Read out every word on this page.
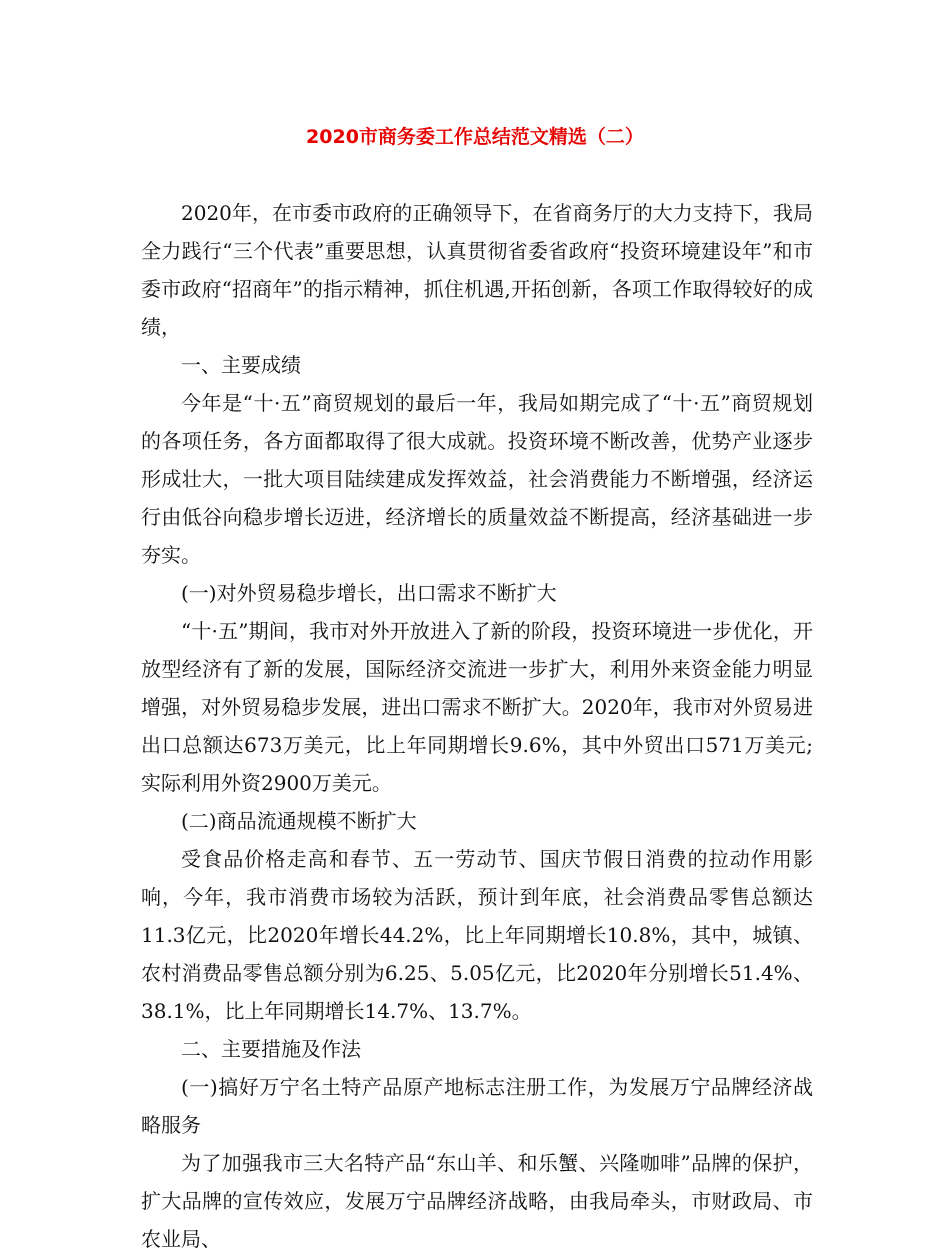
2020市商务委工作总结范文精选（二）

2020年，在市委市政府的正确领导下，在省商务厅的大力支持下，我局全力践行“三个代表”重要思想，认真贯彻省委省政府“投资环境建设年”和市委市政府“招商年”的指示精神，抓住机遇,开拓创新，各项工作取得较好的成绩，

一、主要成绩

今年是“十·五”商贸规划的最后一年，我局如期完成了“十·五”商贸规划的各项任务，各方面都取得了很大成就。投资环境不断改善，优势产业逐步形成壮大，一批大项目陆续建成发挥效益，社会消费能力不断增强，经济运行由低谷向稳步增长迈进，经济增长的质量效益不断提高，经济基础进一步夯实。

(一)对外贸易稳步增长，出口需求不断扩大

“十·五”期间，我市对外开放进入了新的阶段，投资环境进一步优化，开放型经济有了新的发展，国际经济交流进一步扩大，利用外来资金能力明显增强，对外贸易稳步发展，进出口需求不断扩大。2020年，我市对外贸易进出口总额达673万美元，比上年同期增长9.6%，其中外贸出口571万美元;实际利用外资2900万美元。

(二)商品流通规模不断扩大

受食品价格走高和春节、五一劳动节、国庆节假日消费的拉动作用影响，今年，我市消费市场较为活跃，预计到年底，社会消费品零售总额达11.3亿元，比2020年增长44.2%，比上年同期增长10.8%，其中，城镇、农村消费品零售总额分别为6.25、5.05亿元，比2020年分别增长51.4%、38.1%，比上年同期增长14.7%、13.7%。

二、主要措施及作法

(一)搞好万宁名土特产品原产地标志注册工作，为发展万宁品牌经济战略服务

为了加强我市三大名特产品“东山羊、和乐蟹、兴隆咖啡”品牌的保护，扩大品牌的宣传效应，发展万宁品牌经济战略，由我局牵头，市财政局、市农业局、
